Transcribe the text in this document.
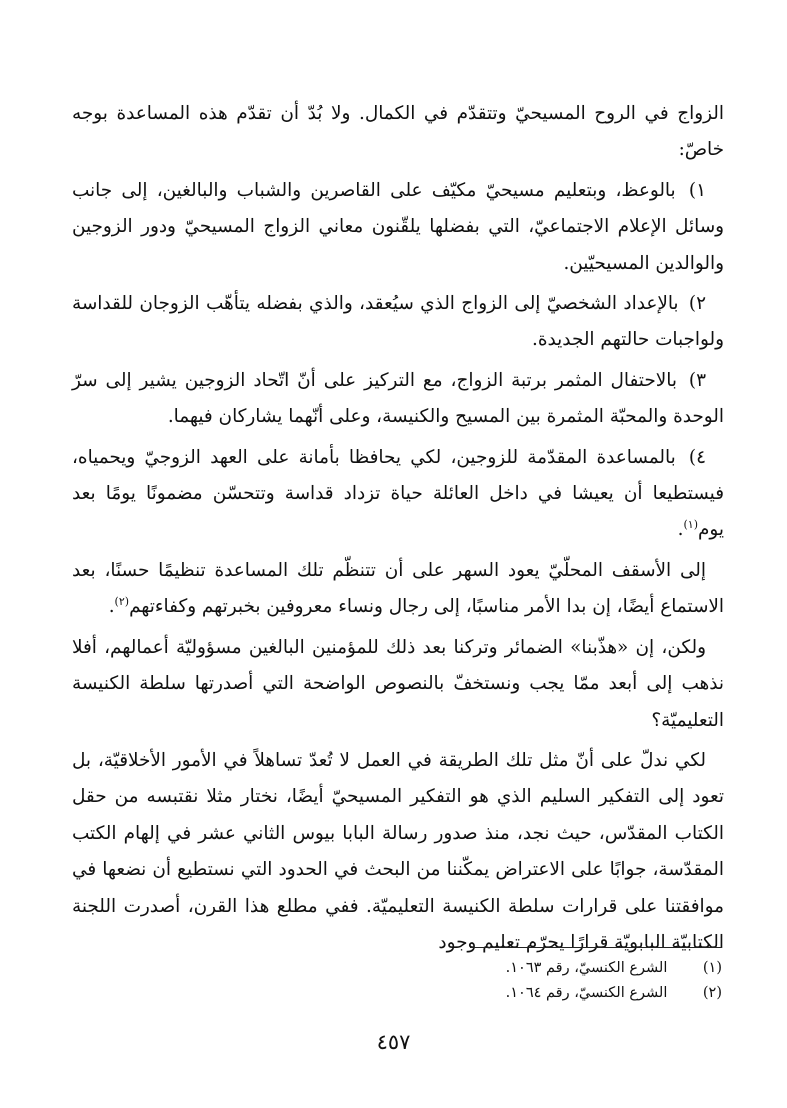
الزواج في الروح المسيحيّ وتتقدّم في الكمال. ولا بُدّ أن تقدّم هذه المساعدة بوجه خاصّ:

١) بالوعظ، وبتعليم مسيحيّ مكيّف على القاصرين والشباب والبالغين، إلى جانب وسائل الإعلام الاجتماعيّ، التي بفضلها يلقّنون معاني الزواج المسيحيّ ودور الزوجين والوالدين المسيحيّين.

٢) بالإعداد الشخصيّ إلى الزواج الذي سيُعقد، والذي بفضله يتأهّب الزوجان للقداسة ولواجبات حالتهم الجديدة.

٣) بالاحتفال المثمر برتبة الزواج، مع التركيز على أنّ اتّحاد الزوجين يشير إلى سرّ الوحدة والمحبّة المثمرة بين المسيح والكنيسة، وعلى أنّهما يشاركان فيهما.

٤) بالمساعدة المقدّمة للزوجين، لكي يحافظا بأمانة على العهد الزوجيّ ويحمياه، فيستطيعا أن يعيشا في داخل العائلة حياة تزداد قداسة وتتحسّن مضمونًا يومًا بعد يوم$^{(١)}$.

إلى الأسقف المحلّيّ يعود السهر على أن تتنظّم تلك المساعدة تنظيمًا حسنًا، بعد الاستماع أيضًا، إن بدا الأمر مناسبًا، إلى رجال ونساء معروفين بخبرتهم وكفاءتهم$^{(٢)}$.

ولكن، إن «هذّبنا» الضمائر وتركنا بعد ذلك للمؤمنين البالغين مسؤوليّة أعمالهم، أفلا نذهب إلى أبعد ممّا يجب ونستخفّ بالنصوص الواضحة التي أصدرتها سلطة الكنيسة التعليميّة؟

لكي ندلّ على أنّ مثل تلك الطريقة في العمل لا تُعدّ تساهلاً في الأمور الأخلاقيّة، بل تعود إلى التفكير السليم الذي هو التفكير المسيحيّ أيضًا، نختار مثلا نقتبسه من حقل الكتاب المقدّس، حيث نجد، منذ صدور رسالة البابا بيوس الثاني عشر في إلهام الكتب المقدّسة، جوابًا على الاعتراض يمكّننا من البحث في الحدود التي نستطيع أن نضعها في موافقتنا على قرارات سلطة الكنيسة التعليميّة. ففي مطلع هذا القرن، أصدرت اللجنة الكتابيّة البابويّة قرارًا يحرّم تعليم وجود

(١) الشرع الكنسيّ، رقم ١٠٦٣.
(٢) الشرع الكنسيّ، رقم ١٠٦٤.
٤٥٧
